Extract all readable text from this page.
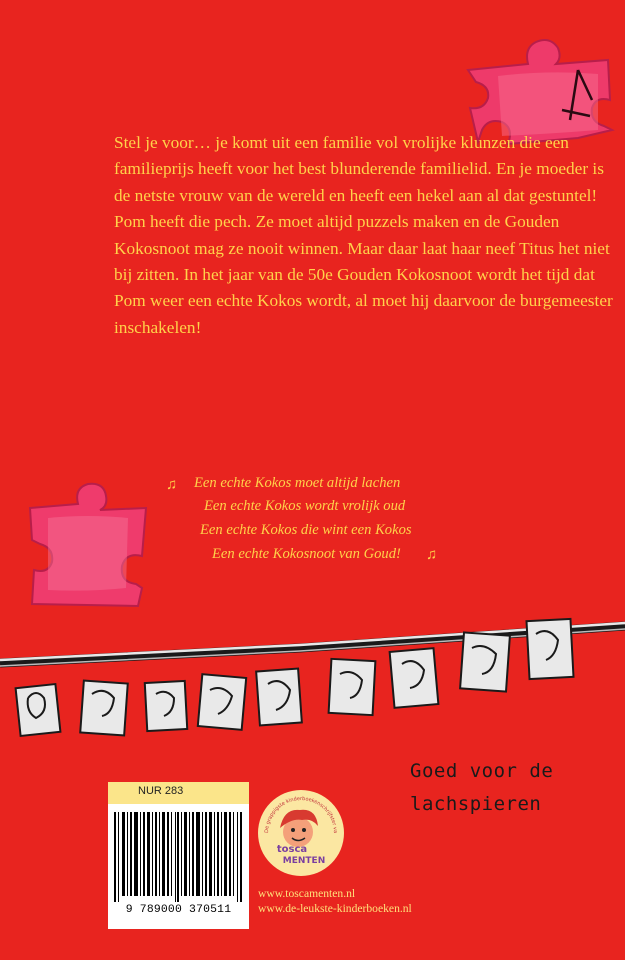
Stel je voor… je komt uit een familie vol vrolijke klunzen die een familieprijs heeft voor het best blunderende familielid. En je moeder is de netste vrouw van de wereld en heeft een hekel aan al dat gestuntel!

Pom heeft die pech. Ze moet altijd puzzels maken en de Gouden Kokosnoot mag ze nooit winnen. Maar daar laat haar neef Titus het niet bij zitten. In het jaar van de 50e Gouden Kokosnoot wordt het tijd dat Pom weer een echte Kokos wordt, al moet hij daarvoor de burgemeester inschakelen!

♫ Een echte Kokos moet altijd lachen
Een echte Kokos wordt vrolijk oud
Een echte Kokos die wint een Kokos
Een echte Kokosnoot van Goud! ♫
Goed voor de
lachspieren
NUR 283
9 789000 370511
De grappigste kinderboekenschrijfster va
tosca
MENTEN
www.toscamenten.nl
www.de-leukste-kinderboeken.nl
